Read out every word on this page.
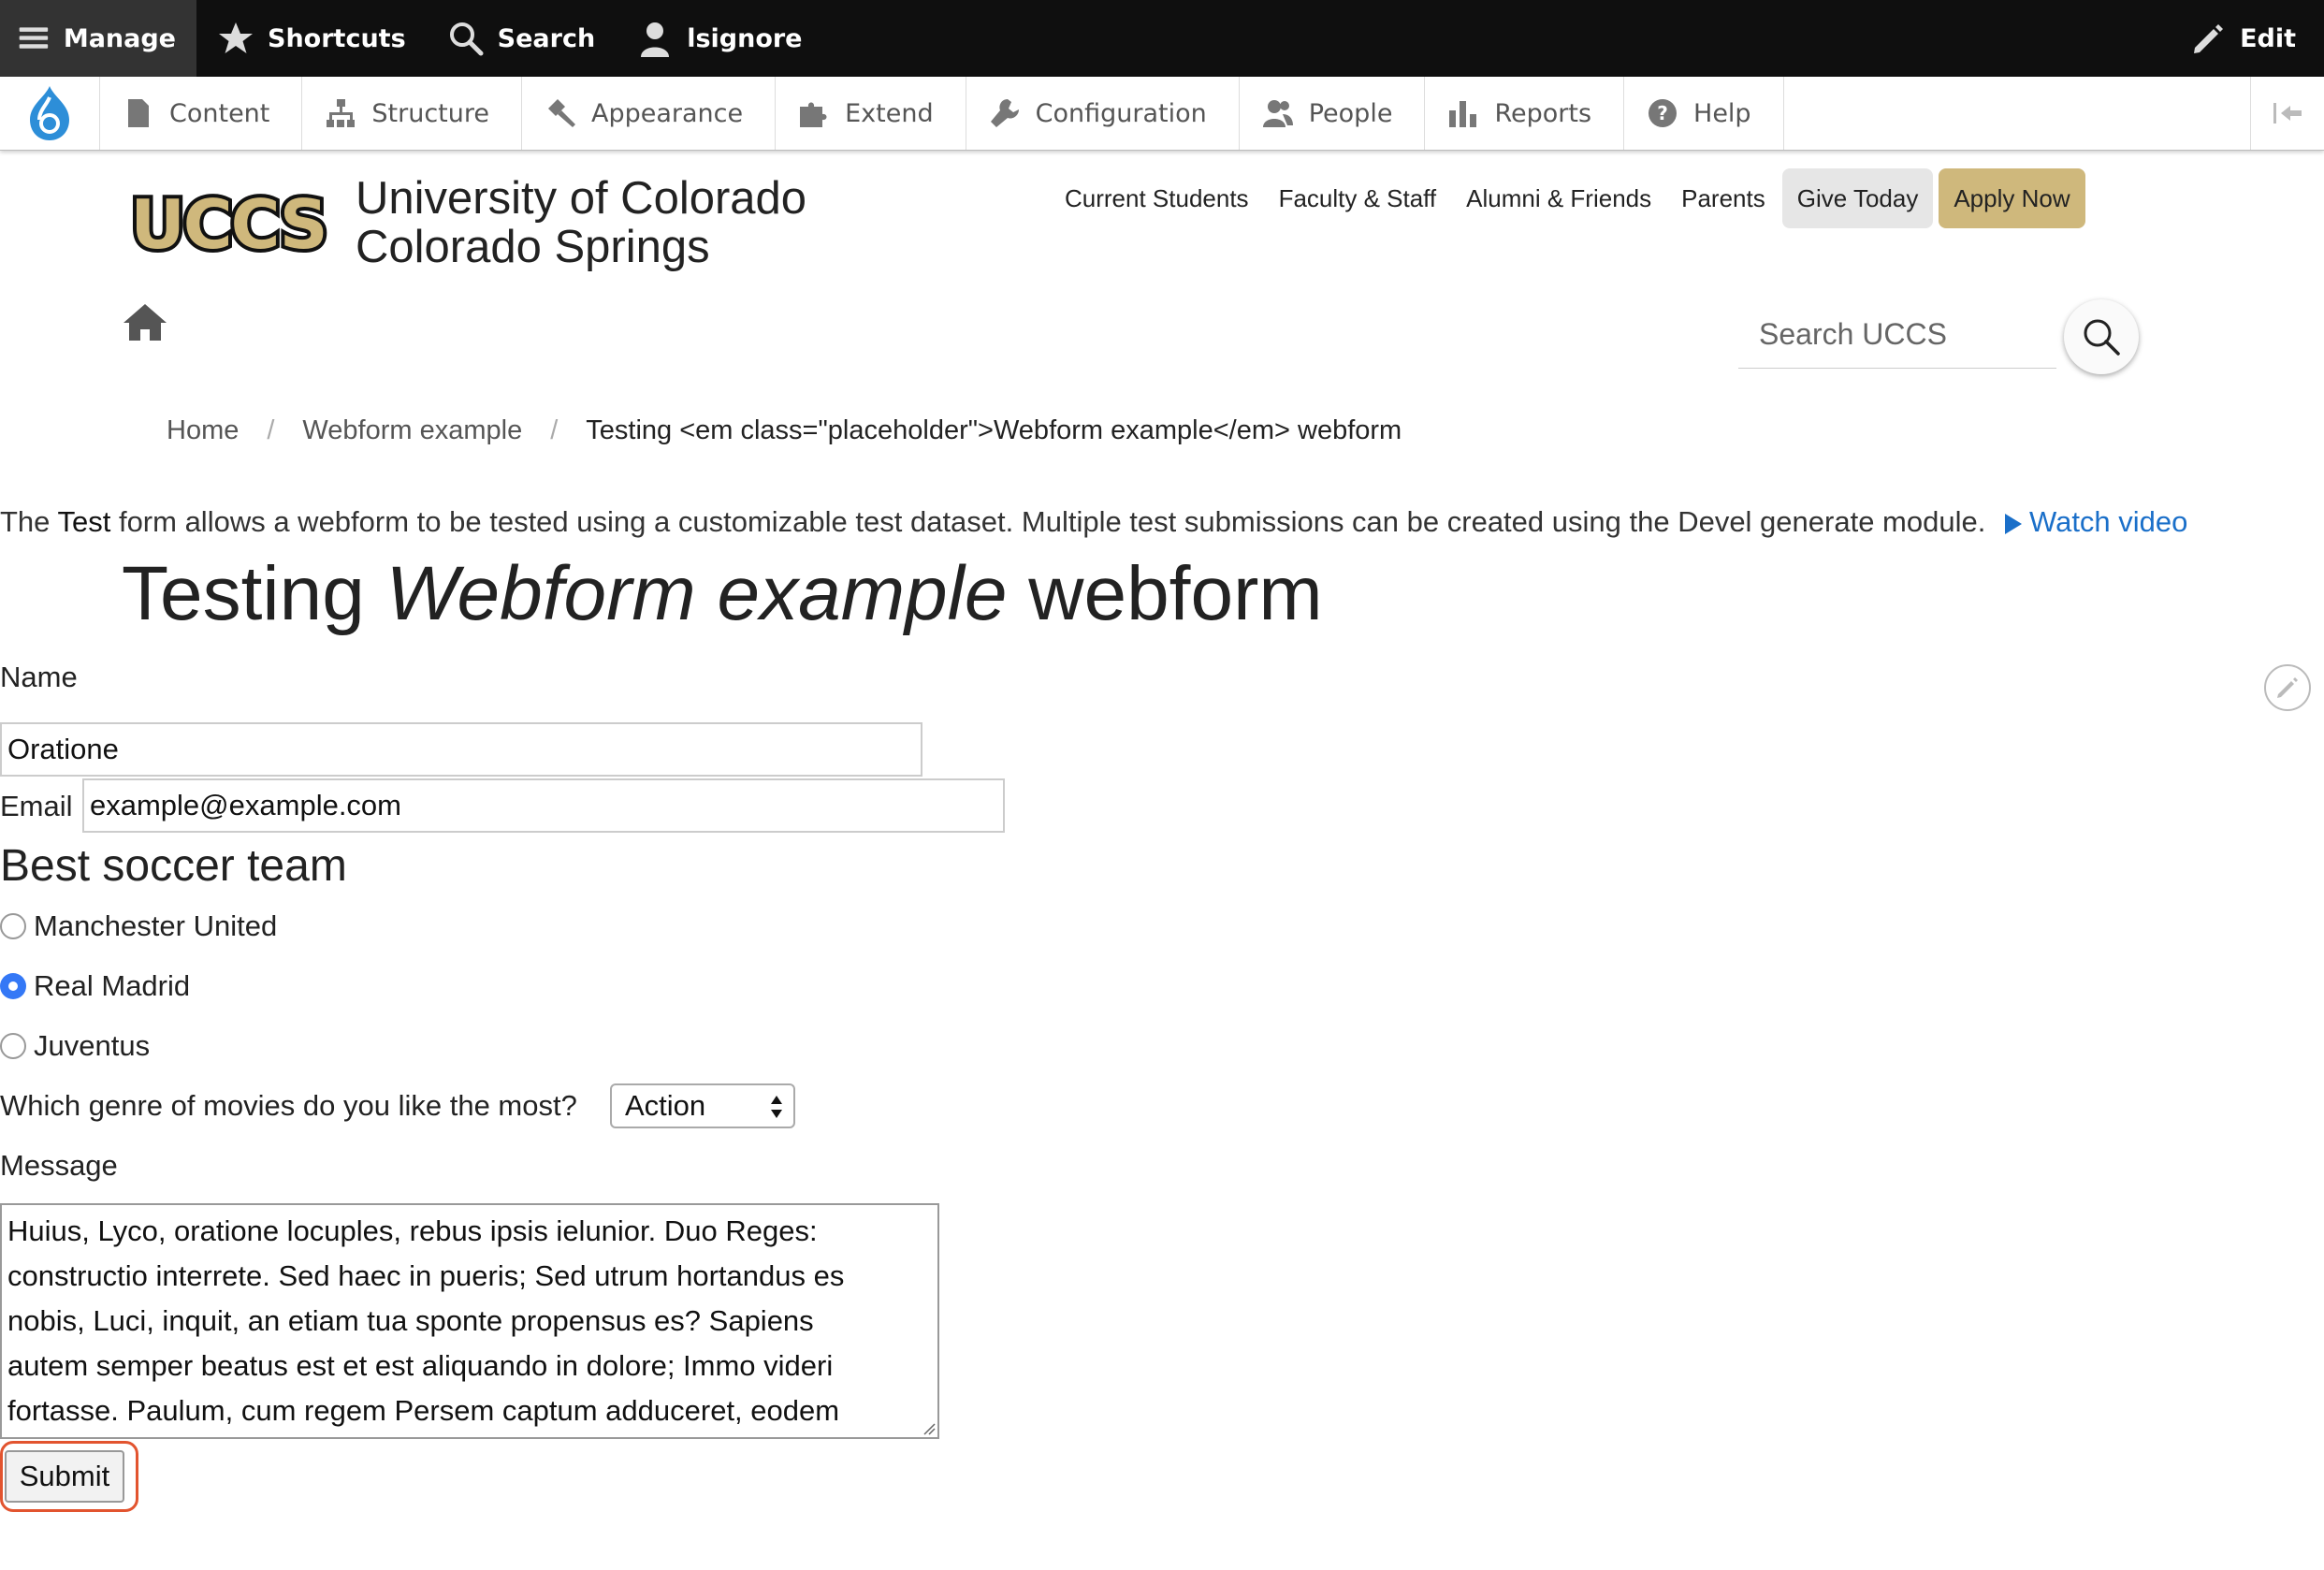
Manage	Shortcuts	Search	lsignore	Edit
Content	Structure	Appearance	Extend	Configuration	People	Reports	? Help
UCCS University of Colorado
Colorado Springs
Current Students	Faculty & Staff	Alumni & Friends	Parents	Give Today	Apply Now
Search UCCS
Home / Webform example / Testing <em class="placeholder">Webform example</em> webform
The Test form allows a webform to be tested using a customizable test dataset. Multiple test submissions can be created using the Devel generate module. Watch video
Testing Webform example webform
Name
Oratione
Email
example@example.com
Best soccer team
Manchester United
Real Madrid
Juventus
Which genre of movies do you like the most? Action
Message
Huius, Lyco, oratione locuples, rebus ipsis ielunior. Duo Reges:
constructio interrete. Sed haec in pueris; Sed utrum hortandus es
nobis, Luci, inquit, an etiam tua sponte propensus es? Sapiens
autem semper beatus est et est aliquando in dolore; Immo videri
fortasse. Paulum, cum regem Persem captum adduceret, eodem
Submit
